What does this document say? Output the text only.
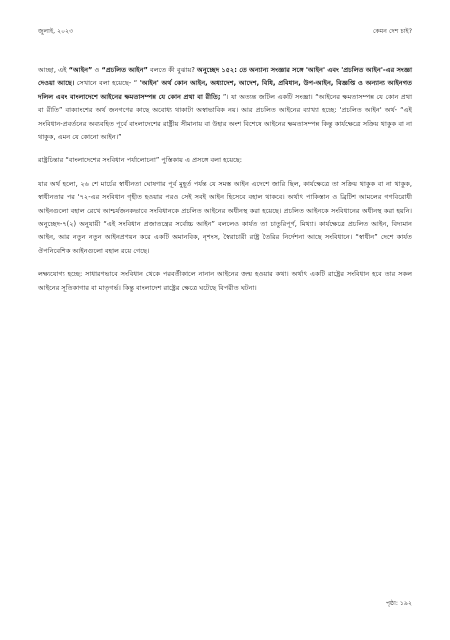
জুলাই, ২০২৩	কেমন দেশ চাই?

আচ্ছা, এই “আইন” ও “প্রচলিত আইন” বলতে কী বুঝায়? অনুচ্ছেদ ১৫২: তে অন্যান্য সংজ্ঞার সঙ্গে 'আইন' এবং 'প্রচলিত আইন'-এর সংজ্ঞা দেওয়া আছে। সেখানে বলা হয়েছে- “ 'আইন' অর্থ কোন আইন, অধ্যাদেশ, আদেশ, বিধি, প্রবিধান, উপ-আইন, বিজ্ঞপ্তি ও অন্যান্য আইনগত দলিল এবং বাংলাদেশে আইনের ক্ষমতাসম্পন্ন যে কোন প্রথা বা রীতি; ”। যা অত্যন্ত জটিল একটি সংজ্ঞা। “আইনের ক্ষমতাসম্পন্ন যে কোন প্রথা বা রীতি” বাক্যাংশের অর্থ জনগণের কাছে অবোধ্য থাকাটা অস্বাভাবিক নয়। আর প্রচলিত আইনের ব্যাখ্যা হচ্ছে: 'প্রচলিত আইন' অর্থ- “এই সংবিধান-প্রবর্তনের অব্যবহিত পূর্বে বাংলাদেশের রাষ্ট্রীয় সীমানায় বা উহার অংশ বিশেষে আইনের ক্ষমতাসম্পন্ন কিন্তু কার্যক্ষেত্রে সক্রিয় থাকুক বা না থাকুক, এমন যে কোনো আইন।”

রাষ্ট্রচিন্তার “বাংলাদেশের সংবিধান পর্যালোচনা” পুস্তিকায় এ প্রসঙ্গে বলা হয়েছে:

যার অর্থ হলো, ২৬ শে মার্চের স্বাধীনতা ঘোষণার পূর্ব মুহূর্ত পর্যন্ত যে সমস্ত আইন এদেশে জারি ছিল, কার্যক্ষেত্রে তা সক্রিয় থাকুক বা না থাকুক, স্বাধীনতার পর '৭২-এর সংবিধান গৃহীত হওয়ার পরও সেই সবই আইন হিসেবে বহাল থাকবে। অর্থাৎ পাকিস্তান ও ব্রিটিশ আমলের গণবিরোধী আইনগুলো বহাল রেখে আশ্চর্যজনকভাবে সংবিধানকে প্রচলিত আইনের অধীনস্থ করা হয়েছে। প্রচলিত আইনকে সংবিধানের অধীনস্থ করা হয়নি। অনুচ্ছেদ-৭(২) অনুযায়ী “এই সংবিধান প্রজাতন্ত্রের সর্বোচ্চ আইন” বললেও কার্যত তা চাতুরিপূর্ণ, মিথ্যা। কার্যক্ষেত্রে প্রচলিত আইন, বিদ্যমান আইন, আর নতুন নতুন আইনপ্রণয়ন করে একটি অমানবিক, নৃশংস, স্বৈরাচারী রাষ্ট্র তৈরির নির্দেশনা আছে সংবিধানে। “স্বাধীন” দেশে কার্যত ঔপনিবেশিক আইনগুলো বহাল রয়ে গেছে।

লক্ষ্যযোগ্য হচ্ছে: সাধারণভাবে সংবিধান থেকে পরবর্তীকালে নানান আইনের জন্ম হওয়ার কথা। অর্থাৎ একটি রাষ্ট্রের সংবিধান হবে তার সকল আইনের সূতিকাগার বা মাতৃগর্ভ। কিন্তু বাংলাদেশ রাষ্ট্রের ক্ষেত্রে ঘটেছে বিপরীত ঘটনা।

পৃষ্ঠা: ১৯২
